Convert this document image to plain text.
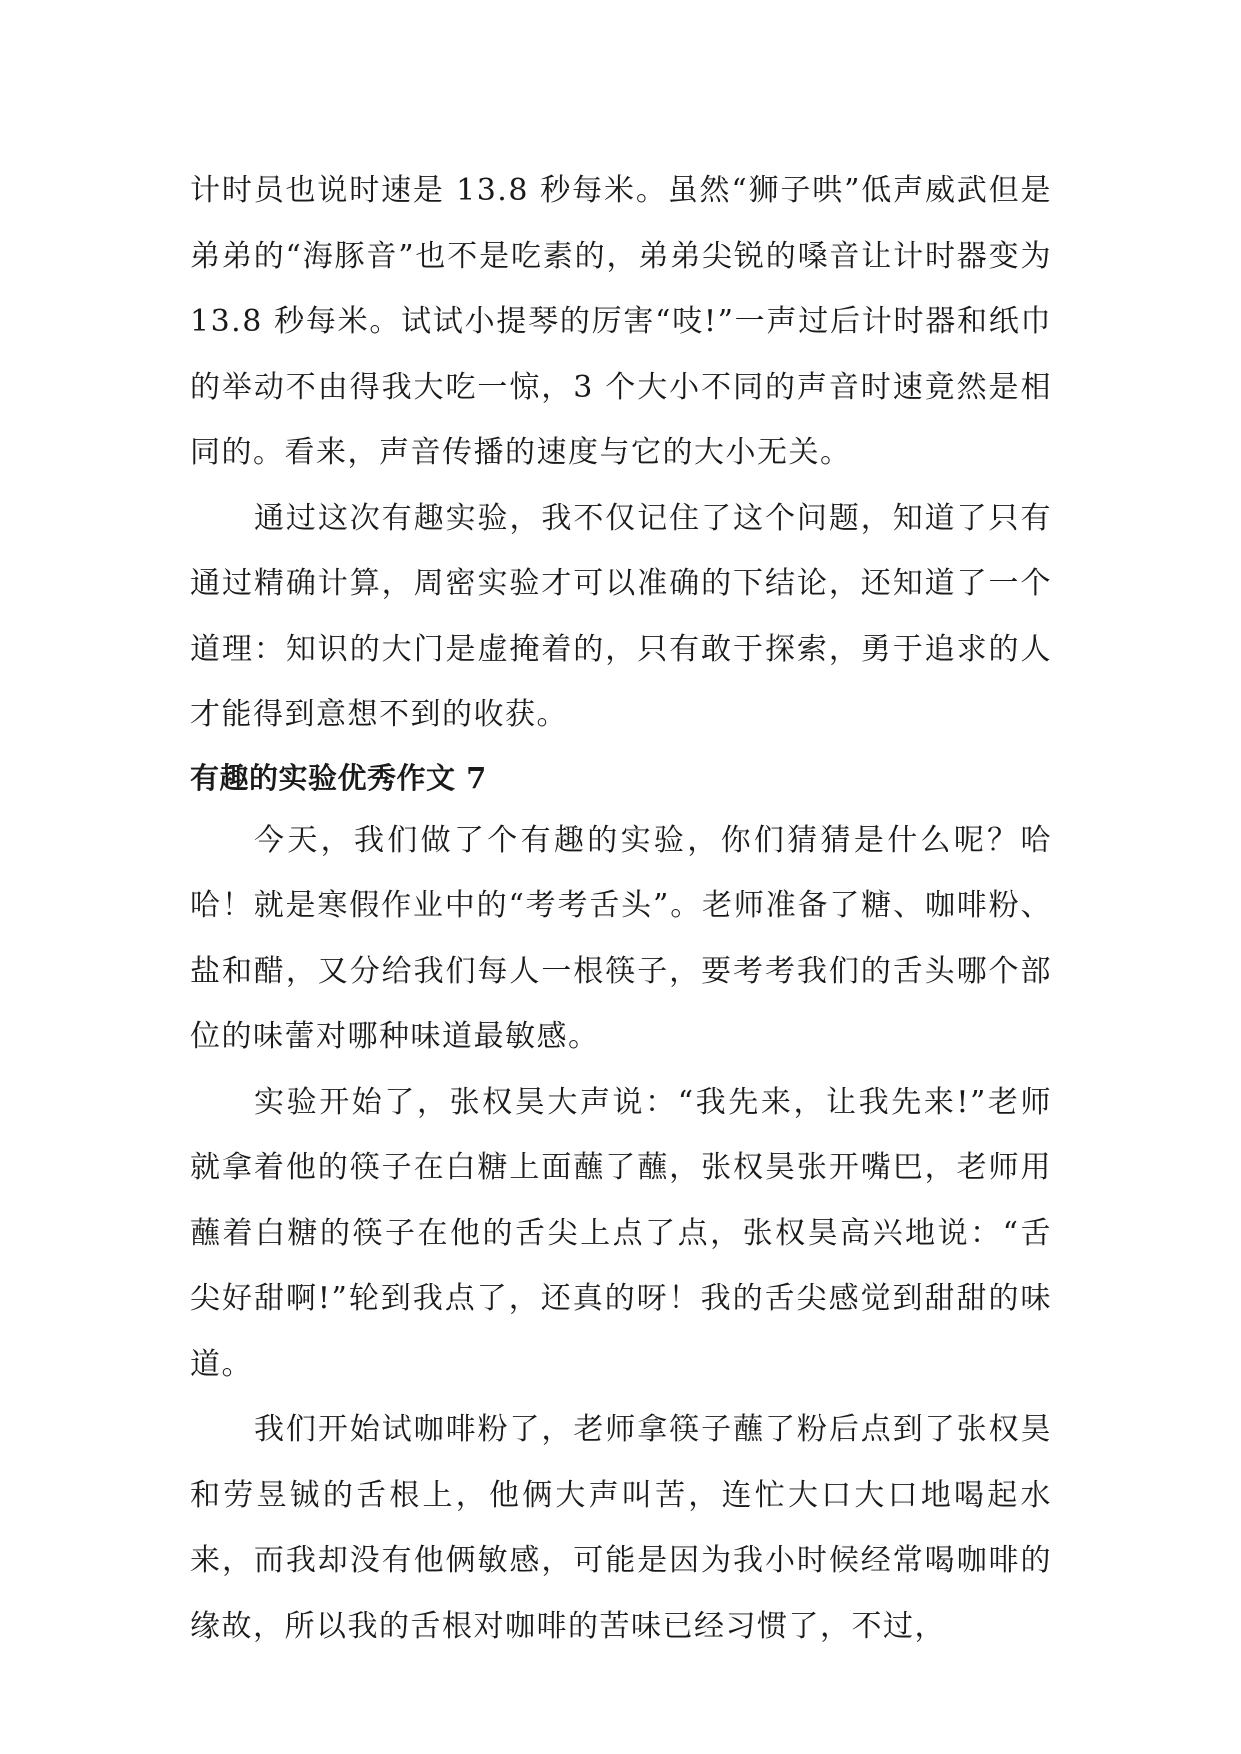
计时员也说时速是 13.8 秒每米。虽然“狮子哄”低声威武但是弟弟的“海豚音”也不是吃素的，弟弟尖锐的嗓音让计时器变为 13.8 秒每米。试试小提琴的厉害“吱!”一声过后计时器和纸巾的举动不由得我大吃一惊，3 个大小不同的声音时速竟然是相同的。看来，声音传播的速度与它的大小无关。

通过这次有趣实验，我不仅记住了这个问题，知道了只有通过精确计算，周密实验才可以准确的下结论，还知道了一个道理：知识的大门是虚掩着的，只有敢于探索，勇于追求的人才能得到意想不到的收获。

有趣的实验优秀作文 7

今天，我们做了个有趣的实验，你们猜猜是什么呢？哈哈！就是寒假作业中的“考考舌头”。老师准备了糖、咖啡粉、盐和醋，又分给我们每人一根筷子，要考考我们的舌头哪个部位的味蕾对哪种味道最敏感。

实验开始了，张权昊大声说：“我先来，让我先来!”老师就拿着他的筷子在白糖上面蘸了蘸，张权昊张开嘴巴，老师用蘸着白糖的筷子在他的舌尖上点了点，张权昊高兴地说：“舌尖好甜啊!”轮到我点了，还真的呀！我的舌尖感觉到甜甜的味道。

我们开始试咖啡粉了，老师拿筷子蘸了粉后点到了张权昊和劳昱铖的舌根上，他俩大声叫苦，连忙大口大口地喝起水来，而我却没有他俩敏感，可能是因为我小时候经常喝咖啡的缘故，所以我的舌根对咖啡的苦味已经习惯了，不过，
